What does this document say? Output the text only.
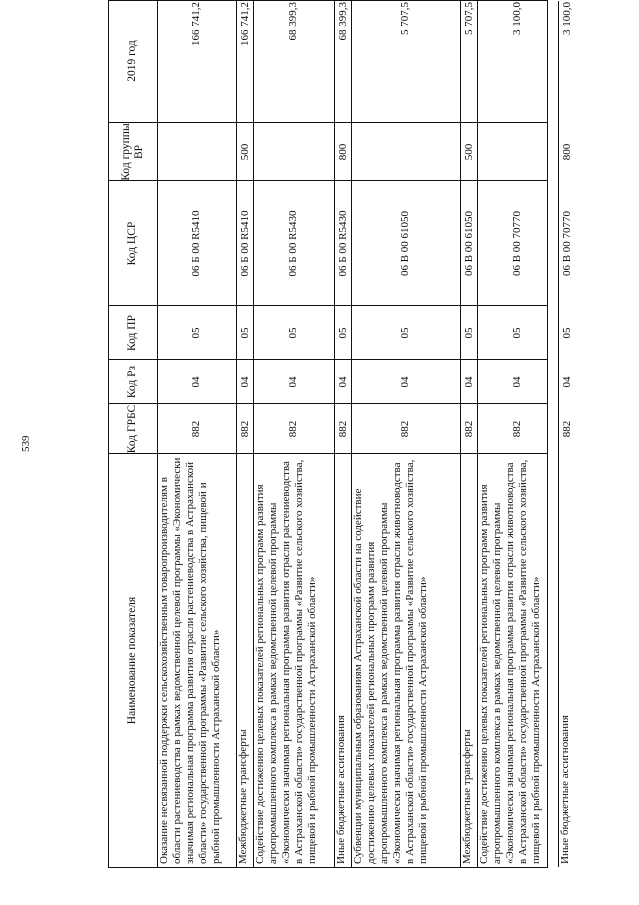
539
Наименование показателя
Код ГРБС
Код Рз
Код ПР
Код ЦСР
Код группы ВР
2019 год
Оказание несвязанной поддержки сельскохозяйственным товаропроизводителям в области растениеводства в рамках ведомственной целевой программы «Экономически значимая региональная программа развития отрасли растениеводства в Астраханской области» государственной программы «Развитие сельского хозяйства, пищевой и рыбной промышленности Астраханской области»
882
04
05
06 Б 00 R5410
166 741,2
Межбюджетные трансферты
882
04
05
06 Б 00 R5410
500
166 741,2
Содействие достижению целевых показателей региональных программ развития агропромышленного комплекса в рамках ведомственной целевой программы «Экономически значимая региональная программа развития отрасли растениеводства в Астраханской области» государственной программы «Развитие сельского хозяйства, пищевой и рыбной промышленности Астраханской области»
882
04
05
06 Б 00 R5430
68 399,3
Иные бюджетные ассигнования
882
04
05
06 Б 00 R5430
800
68 399,3
Субвенции муниципальным образованиям Астраханской области на содействие достижению целевых показателей региональных программ развития агропромышленного комплекса в рамках ведомственной целевой программы «Экономически значимая региональная программа развития отрасли животноводства в Астраханской области» государственной программы «Развитие сельского хозяйства, пищевой и рыбной промышленности Астраханской области»
882
04
05
06 В 00 61050
5 707,5
Межбюджетные трансферты
882
04
05
06 В 00 61050
500
5 707,5
Содействие достижению целевых показателей региональных программ развития агропромышленного комплекса в рамках ведомственной целевой программы «Экономически значимая региональная программа развития отрасли животноводства в Астраханской области» государственной программы «Развитие сельского хозяйства, пищевой и рыбной промышленности Астраханской области»
882
04
05
06 В 00 70770
3 100,0
Иные бюджетные ассигнования
882
04
05
06 В 00 70770
800
3 100,0
